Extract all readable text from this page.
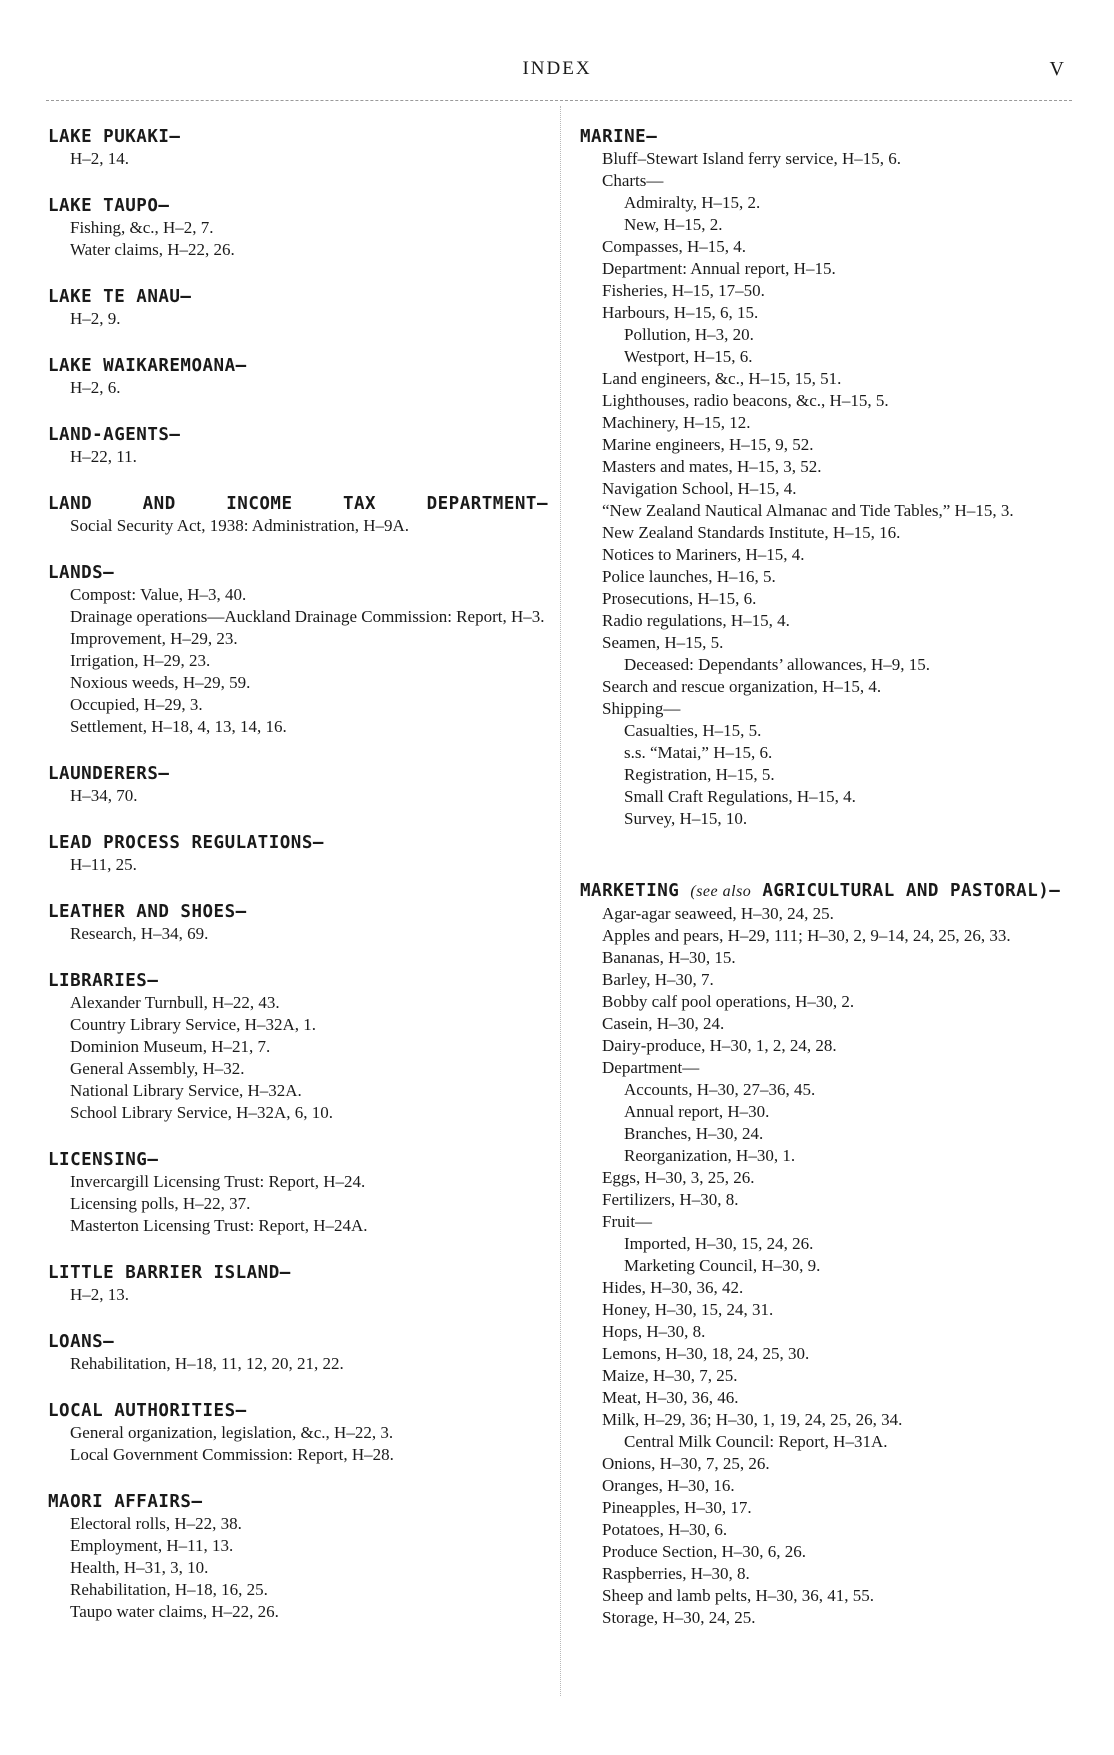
INDEX	V
LAKE PUKAKI—
H–2, 14.
LAKE TAUPO—
Fishing, &c., H–2, 7.
Water claims, H–22, 26.
LAKE TE ANAU—
H–2, 9.
LAKE WAIKAREMOANA—
H–2, 6.
LAND-AGENTS—
H–22, 11.
LAND AND INCOME TAX DEPARTMENT—
Social Security Act, 1938: Administration, H–9A.
LANDS—
Compost: Value, H–3, 40.
Drainage operations—Auckland Drainage Commission: Report, H–3.
Improvement, H–29, 23.
Irrigation, H–29, 23.
Noxious weeds, H–29, 59.
Occupied, H–29, 3.
Settlement, H–18, 4, 13, 14, 16.
LAUNDERERS—
H–34, 70.
LEAD PROCESS REGULATIONS—
H–11, 25.
LEATHER AND SHOES—
Research, H–34, 69.
LIBRARIES—
Alexander Turnbull, H–22, 43.
Country Library Service, H–32A, 1.
Dominion Museum, H–21, 7.
General Assembly, H–32.
National Library Service, H–32A.
School Library Service, H–32A, 6, 10.
LICENSING—
Invercargill Licensing Trust: Report, H–24.
Licensing polls, H–22, 37.
Masterton Licensing Trust: Report, H–24A.
LITTLE BARRIER ISLAND—
H–2, 13.
LOANS—
Rehabilitation, H–18, 11, 12, 20, 21, 22.
LOCAL AUTHORITIES—
General organization, legislation, &c., H–22, 3.
Local Government Commission: Report, H–28.
MAORI AFFAIRS—
Electoral rolls, H–22, 38.
Employment, H–11, 13.
Health, H–31, 3, 10.
Rehabilitation, H–18, 16, 25.
Taupo water claims, H–22, 26.
MARINE—
Bluff–Stewart Island ferry service, H–15, 6.
Charts—
Admiralty, H–15, 2.
New, H–15, 2.
Compasses, H–15, 4.
Department: Annual report, H–15.
Fisheries, H–15, 17–50.
Harbours, H–15, 6, 15.
Pollution, H–3, 20.
Westport, H–15, 6.
Land engineers, &c., H–15, 15, 51.
Lighthouses, radio beacons, &c., H–15, 5.
Machinery, H–15, 12.
Marine engineers, H–15, 9, 52.
Masters and mates, H–15, 3, 52.
Navigation School, H–15, 4.
“New Zealand Nautical Almanac and Tide Tables,” H–15, 3.
New Zealand Standards Institute, H–15, 16.
Notices to Mariners, H–15, 4.
Police launches, H–16, 5.
Prosecutions, H–15, 6.
Radio regulations, H–15, 4.
Seamen, H–15, 5.
Deceased: Dependants’ allowances, H–9, 15.
Search and rescue organization, H–15, 4.
Shipping—
Casualties, H–15, 5.
s.s. “Matai,” H–15, 6.
Registration, H–15, 5.
Small Craft Regulations, H–15, 4.
Survey, H–15, 10.
MARKETING (see also AGRICULTURAL AND PASTORAL)—
Agar-agar seaweed, H–30, 24, 25.
Apples and pears, H–29, 111; H–30, 2, 9–14, 24, 25, 26, 33.
Bananas, H–30, 15.
Barley, H–30, 7.
Bobby calf pool operations, H–30, 2.
Casein, H–30, 24.
Dairy-produce, H–30, 1, 2, 24, 28.
Department—
Accounts, H–30, 27–36, 45.
Annual report, H–30.
Branches, H–30, 24.
Reorganization, H–30, 1.
Eggs, H–30, 3, 25, 26.
Fertilizers, H–30, 8.
Fruit—
Imported, H–30, 15, 24, 26.
Marketing Council, H–30, 9.
Hides, H–30, 36, 42.
Honey, H–30, 15, 24, 31.
Hops, H–30, 8.
Lemons, H–30, 18, 24, 25, 30.
Maize, H–30, 7, 25.
Meat, H–30, 36, 46.
Milk, H–29, 36; H–30, 1, 19, 24, 25, 26, 34.
Central Milk Council: Report, H–31A.
Onions, H–30, 7, 25, 26.
Oranges, H–30, 16.
Pineapples, H–30, 17.
Potatoes, H–30, 6.
Produce Section, H–30, 6, 26.
Raspberries, H–30, 8.
Sheep and lamb pelts, H–30, 36, 41, 55.
Storage, H–30, 24, 25.
